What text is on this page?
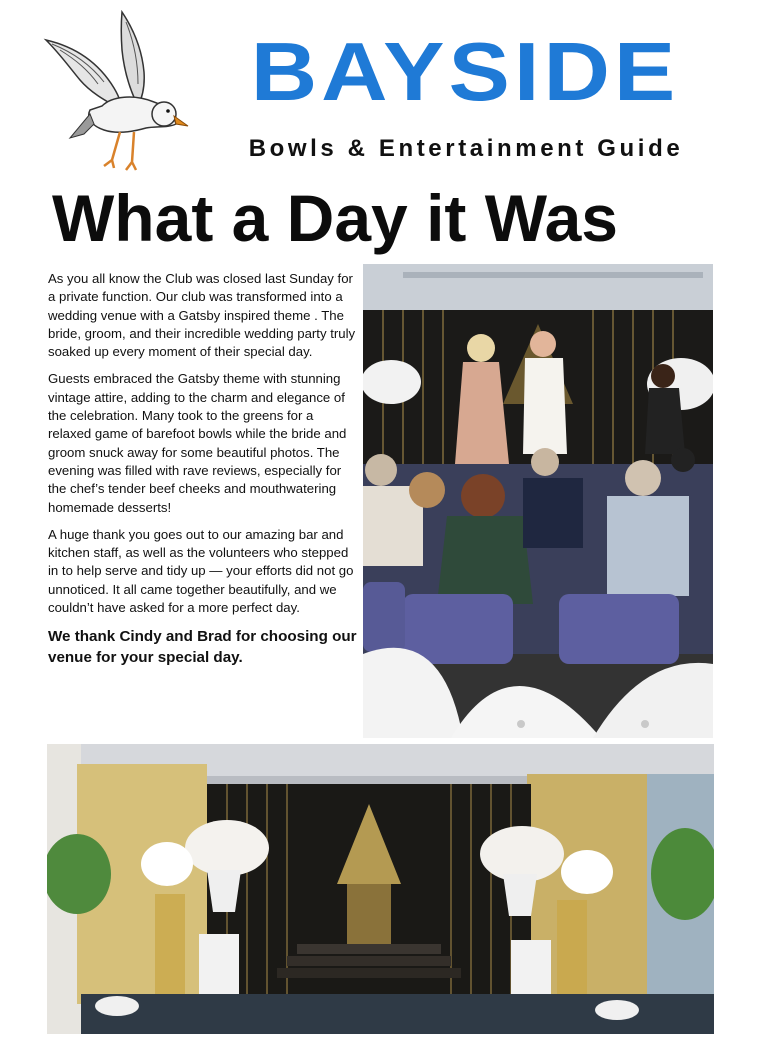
BAYSIDE
Bowls & Entertainment Guide
What a Day it Was

As you all know the Club was closed last Sunday for a private function. Our club was transformed into a wedding venue with a Gatsby inspired theme . The bride, groom, and their incredible wedding party truly soaked up every moment of their special day.

Guests embraced the Gatsby theme with stunning vintage attire, adding to the charm and elegance of the celebration. Many took to the greens for a relaxed game of barefoot bowls while the bride and groom snuck away for some beautiful photos. The evening was filled with rave reviews, especially for the chef’s tender beef cheeks and mouthwatering homemade desserts!

A huge thank you goes out to our amazing bar and kitchen staff, as well as the volunteers who stepped in to help serve and tidy up — your efforts did not go unnoticed. It all came together beautifully, and we couldn’t have asked for a more perfect day.

We thank Cindy and Brad for choosing our venue for your special day.
